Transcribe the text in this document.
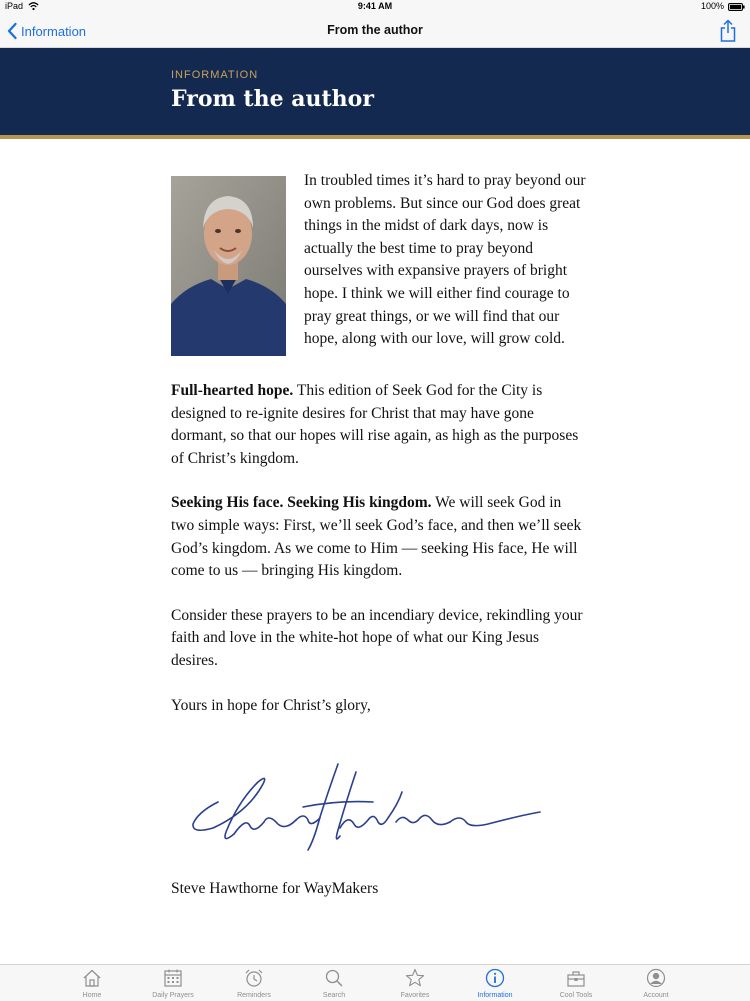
iPad	9:41 AM	100%
Information	From the author
INFORMATION
From the author

In troubled times it’s hard to pray beyond our own problems. But since our God does great things in the midst of dark days, now is actually the best time to pray beyond ourselves with expansive prayers of bright hope. I think we will either find courage to pray great things, or we will find that our hope, along with our love, will grow cold.

Full-hearted hope. This edition of Seek God for the City is designed to re-ignite desires for Christ that may have gone dormant, so that our hopes will rise again, as high as the purposes of Christ’s kingdom.

Seeking His face. Seeking His kingdom. We will seek God in two simple ways: First, we’ll seek God’s face, and then we’ll seek God’s kingdom. As we come to Him — seeking His face, He will come to us — bringing His kingdom.

Consider these prayers to be an incendiary device, rekindling your faith and love in the white-hot hope of what our King Jesus desires.

Yours in hope for Christ’s glory,

Steve Hawthorne for WayMakers

Home	Daily Prayers	Reminders	Search	Favorites	Information	Cool Tools	Account
